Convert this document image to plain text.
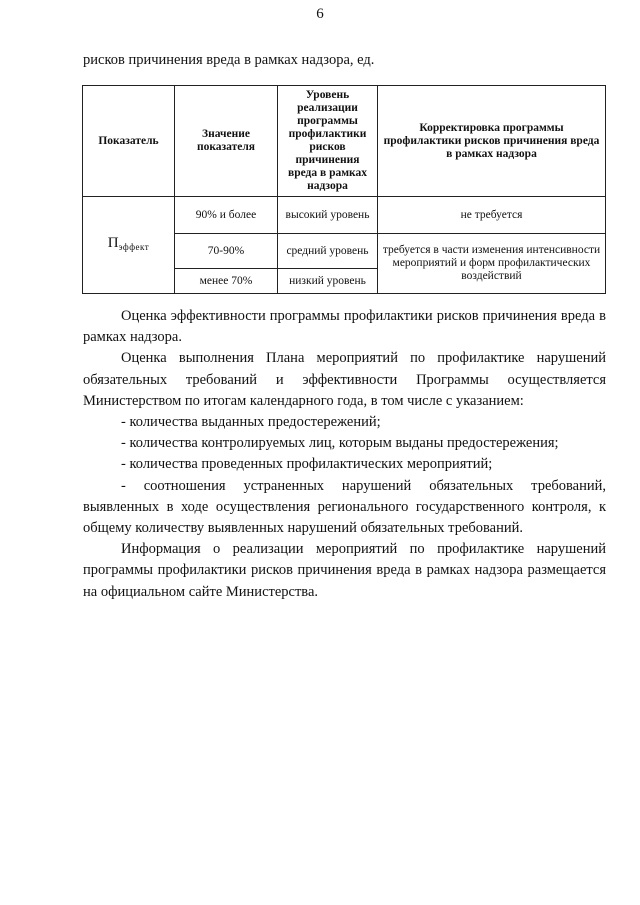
6
рисков причинения вреда в рамках надзора, ед.
Показатель	Значение показателя	Уровень реализации программы профилактики рисков причинения вреда в рамках надзора	Корректировка программы профилактики рисков причинения вреда в рамках надзора
$П_{эффект}$	90% и более	высокий уровень	не требуется
	70-90%	средний уровень	требуется в части изменения интенсивности мероприятий и форм профилактических воздействий
	менее 70%	низкий уровень	

Оценка эффективности программы профилактики рисков причинения вреда в рамках надзора.

Оценка выполнения Плана мероприятий по профилактике нарушений обязательных требований и эффективности Программы осуществляется Министерством по итогам календарного года, в том числе с указанием:

- количества выданных предостережений;

- количества контролируемых лиц, которым выданы предостережения;

- количества проведенных профилактических мероприятий;

- соотношения устраненных нарушений обязательных требований, выявленных в ходе осуществления регионального государственного контроля, к общему количеству выявленных нарушений обязательных требований.

Информация о реализации мероприятий по профилактике нарушений программы профилактики рисков причинения вреда в рамках надзора размещается на официальном сайте Министерства.
